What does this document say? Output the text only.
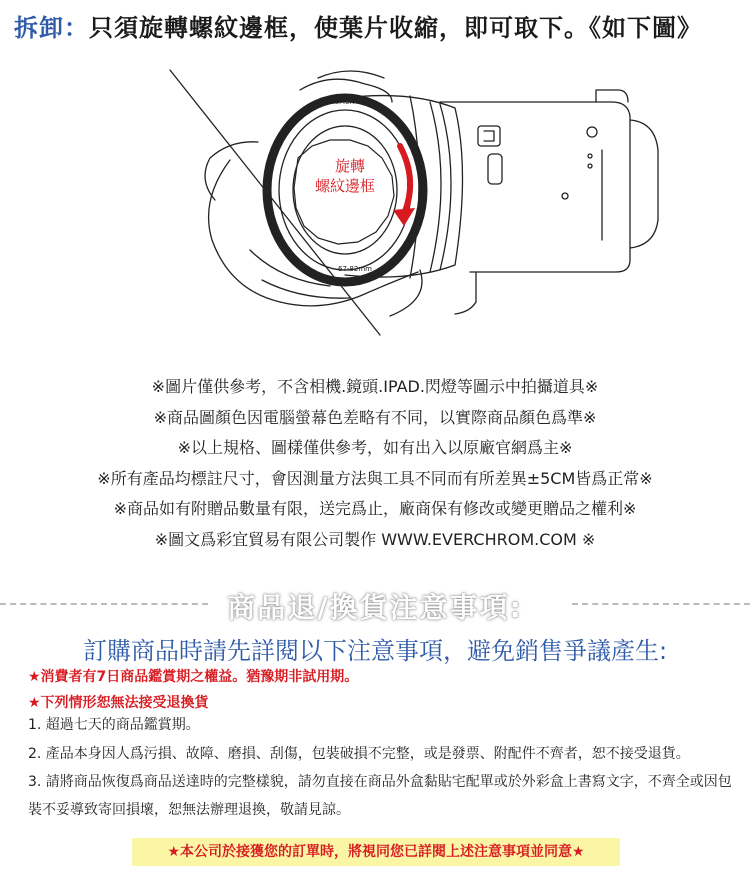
拆卸：只須旋轉螺紋邊框，使葉片收縮，即可取下。《如下圖》
BioMori
67-82mm
旋轉
螺紋邊框
※圖片僅供參考，不含相機.鏡頭.IPAD.閃燈等圖示中拍攝道具※
※商品圖顏色因電腦螢幕色差略有不同，以實際商品顏色爲準※
※以上規格、圖樣僅供參考，如有出入以原廠官網爲主※
※所有產品均標註尺寸，會因測量方法與工具不同而有所差異±5CM皆爲正常※
※商品如有附贈品數量有限，送完爲止，廠商保有修改或變更贈品之權利※
※圖文爲彩宜貿易有限公司製作 WWW.EVERCHROM.COM ※
商品退/換貨注意事項:
訂購商品時請先詳閱以下注意事項，避免銷售爭議產生:
★消費者有7日商品鑑賞期之權益。猶豫期非試用期。
★下列情形恕無法接受退換貨
1. 超過七天的商品鑑賞期。
2. 產品本身因人爲污損、故障、磨損、刮傷，包裝破損不完整，或是發票、附配件不齊者，恕不接受退貨。
3. 請將商品恢復爲商品送達時的完整樣貌，請勿直接在商品外盒黏貼宅配單或於外彩盒上書寫文字，不齊全或因包裝不妥導致寄回損壞，恕無法辦理退換，敬請見諒。
★本公司於接獲您的訂單時，將視同您已詳閱上述注意事項並同意★
